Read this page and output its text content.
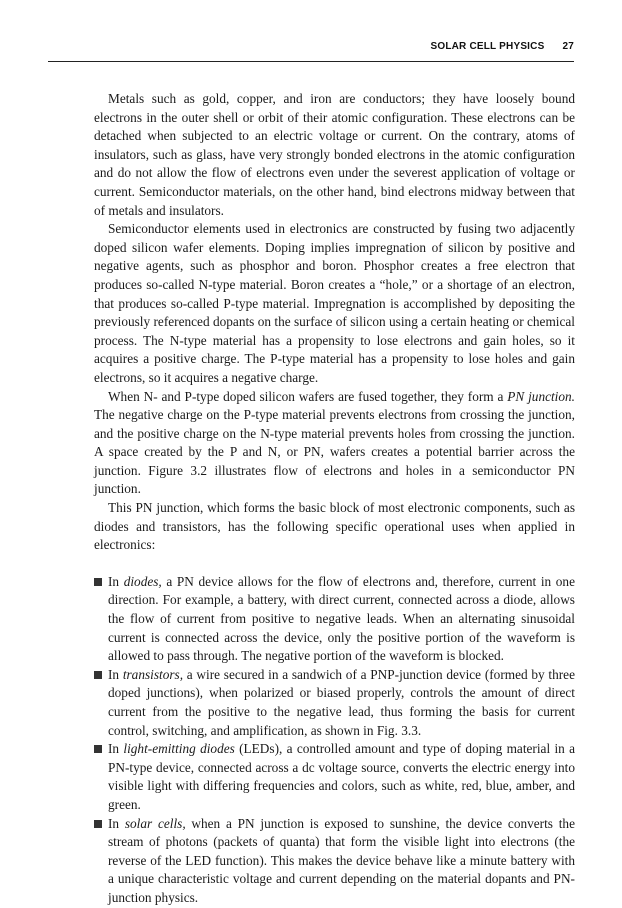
SOLAR CELL PHYSICS 27

Metals such as gold, copper, and iron are conductors; they have loosely bound electrons in the outer shell or orbit of their atomic configuration. These electrons can be detached when subjected to an electric voltage or current. On the contrary, atoms of insulators, such as glass, have very strongly bonded electrons in the atomic configuration and do not allow the flow of electrons even under the severest application of voltage or current. Semiconductor materials, on the other hand, bind electrons midway between that of metals and insulators.

Semiconductor elements used in electronics are constructed by fusing two adjacently doped silicon wafer elements. Doping implies impregnation of silicon by positive and negative agents, such as phosphor and boron. Phosphor creates a free electron that produces so-called N-type material. Boron creates a “hole,” or a shortage of an electron, that produces so-called P-type material. Impregnation is accomplished by depositing the previously referenced dopants on the surface of silicon using a certain heating or chemical process. The N-type material has a propensity to lose electrons and gain holes, so it acquires a positive charge. The P-type material has a propensity to lose holes and gain electrons, so it acquires a negative charge.

When N- and P-type doped silicon wafers are fused together, they form a PN junction. The negative charge on the P-type material prevents electrons from crossing the junction, and the positive charge on the N-type material prevents holes from crossing the junction. A space created by the P and N, or PN, wafers creates a potential barrier across the junction. Figure 3.2 illustrates flow of electrons and holes in a semiconductor PN junction.

This PN junction, which forms the basic block of most electronic components, such as diodes and transistors, has the following specific operational uses when applied in electronics:

In diodes, a PN device allows for the flow of electrons and, therefore, current in one direction. For example, a battery, with direct current, connected across a diode, allows the flow of current from positive to negative leads. When an alternating sinusoidal current is connected across the device, only the positive portion of the waveform is allowed to pass through. The negative portion of the waveform is blocked.
In transistors, a wire secured in a sandwich of a PNP-junction device (formed by three doped junctions), when polarized or biased properly, controls the amount of direct current from the positive to the negative lead, thus forming the basis for current control, switching, and amplification, as shown in Fig. 3.3.
In light-emitting diodes (LEDs), a controlled amount and type of doping material in a PN-type device, connected across a dc voltage source, converts the electric energy into visible light with differing frequencies and colors, such as white, red, blue, amber, and green.
In solar cells, when a PN junction is exposed to sunshine, the device converts the stream of photons (packets of quanta) that form the visible light into electrons (the reverse of the LED function). This makes the device behave like a minute battery with a unique characteristic voltage and current depending on the material dopants and PN-junction physics.
